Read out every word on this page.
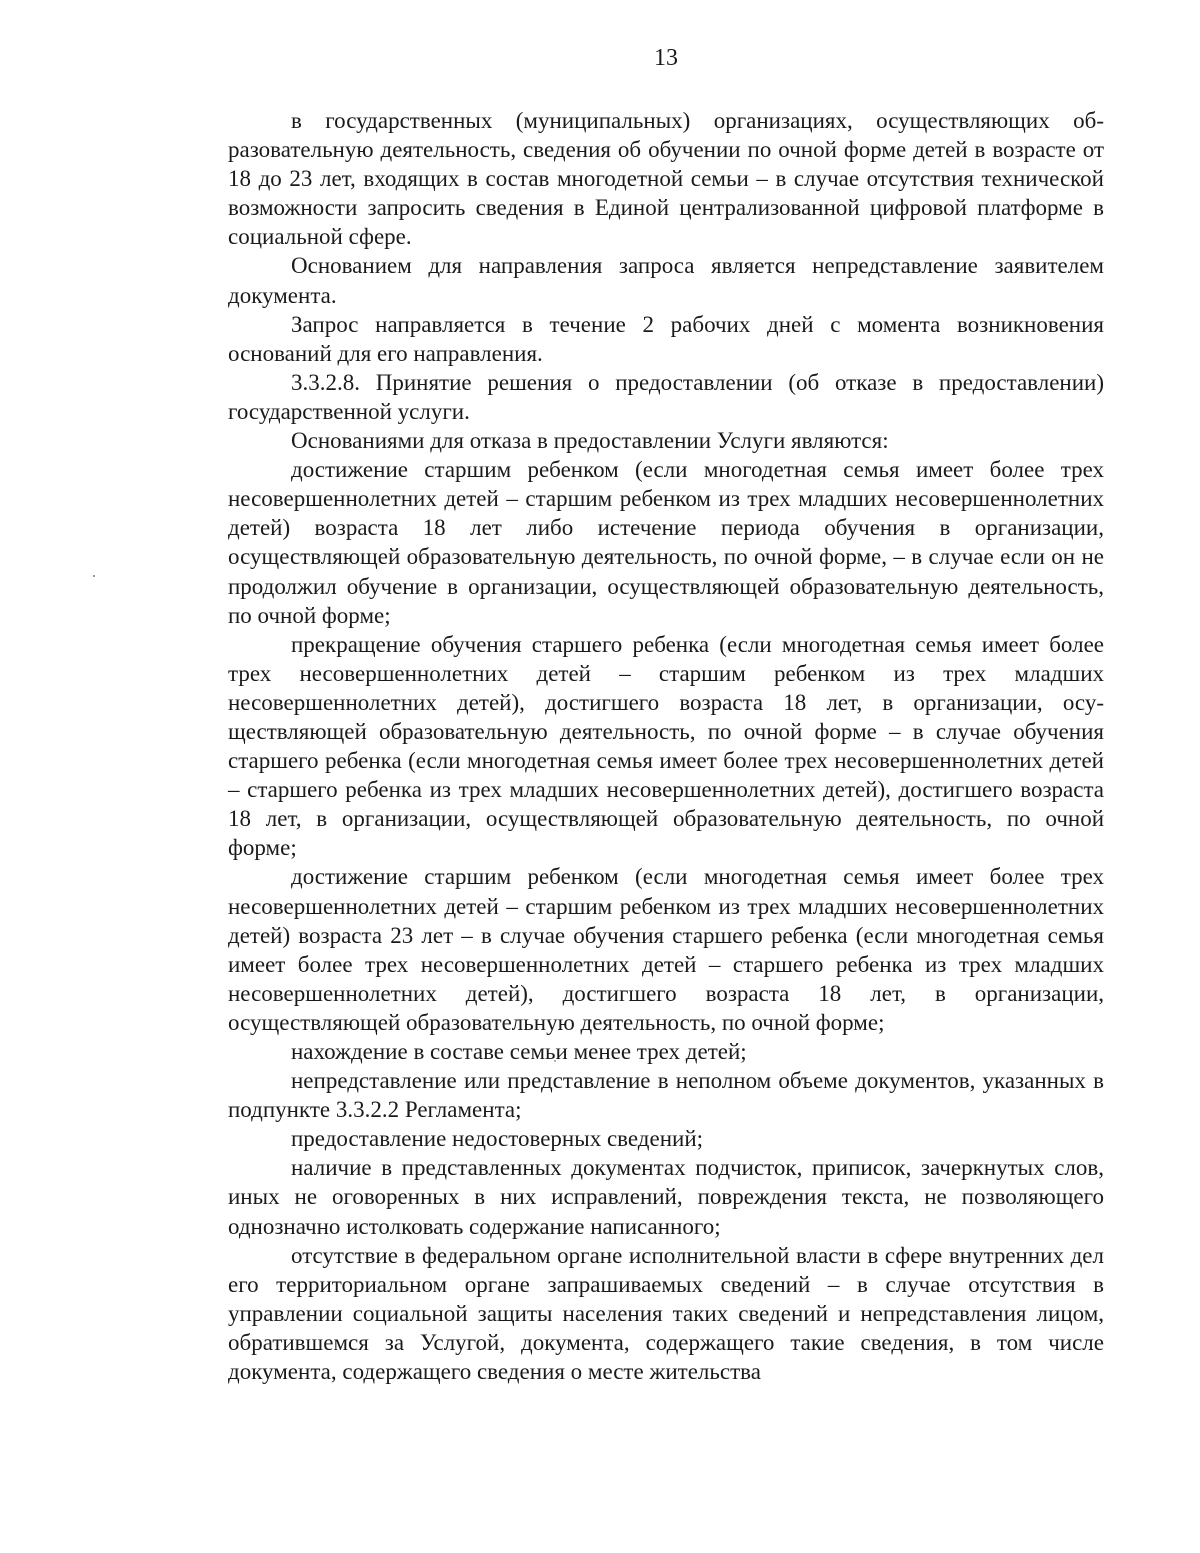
13

в государственных (муниципальных) организациях, осуществляющих образовательную деятельность, сведения об обучении по очной форме детей в возрасте от 18 до 23 лет, входящих в состав многодетной семьи – в случае отсутствия технической возможности запросить сведения в Единой централизованной цифровой платформе в социальной сфере.

Основанием для направления запроса является непредставление заявителем документа.

Запрос направляется в течение 2 рабочих дней с момента возникновения оснований для его направления.

3.3.2.8. Принятие решения о предоставлении (об отказе в предоставлении) государственной услуги.

Основаниями для отказа в предоставлении Услуги являются:

достижение старшим ребенком (если многодетная семья имеет более трех несовершеннолетних детей – старшим ребенком из трех младших несовершеннолетних детей) возраста 18 лет либо истечение периода обучения в организации, осуществляющей образовательную деятельность, по очной форме, – в случае если он не продолжил обучение в организации, осуществляющей образовательную деятельность, по очной форме;

прекращение обучения старшего ребенка (если многодетная семья имеет более трех несовершеннолетних детей – старшим ребенком из трех младших несовершеннолетних детей), достигшего возраста 18 лет, в организации, осуществляющей образовательную деятельность, по очной форме – в случае обучения старшего ребенка (если многодетная семья имеет более трех несовершеннолетних детей – старшего ребенка из трех младших несовершеннолетних детей), достигшего возраста 18 лет, в организации, осуществляющей образовательную деятельность, по очной форме;

достижение старшим ребенком (если многодетная семья имеет более трех несовершеннолетних детей – старшим ребенком из трех младших несовершеннолетних детей) возраста 23 лет – в случае обучения старшего ребенка (если многодетная семья имеет более трех несовершеннолетних детей – старшего ребенка из трех младших несовершеннолетних детей), достигшего возраста 18 лет, в организации, осуществляющей образовательную деятельность, по очной форме;

нахождение в составе семьи менее трех детей;

непредставление или представление в неполном объеме документов, указанных в подпункте 3.3.2.2 Регламента;

предоставление недостоверных сведений;

наличие в представленных документах подчисток, приписок, зачеркнутых слов, иных не оговоренных в них исправлений, повреждения текста, не позволяющего однозначно истолковать содержание написанного;

отсутствие в федеральном органе исполнительной власти в сфере внутренних дел его территориальном органе запрашиваемых сведений – в случае отсутствия в управлении социальной защиты населения таких сведений и непредставления лицом, обратившемся за Услугой, документа, содержащего такие сведения, в том числе документа, содержащего сведения о месте жительства
